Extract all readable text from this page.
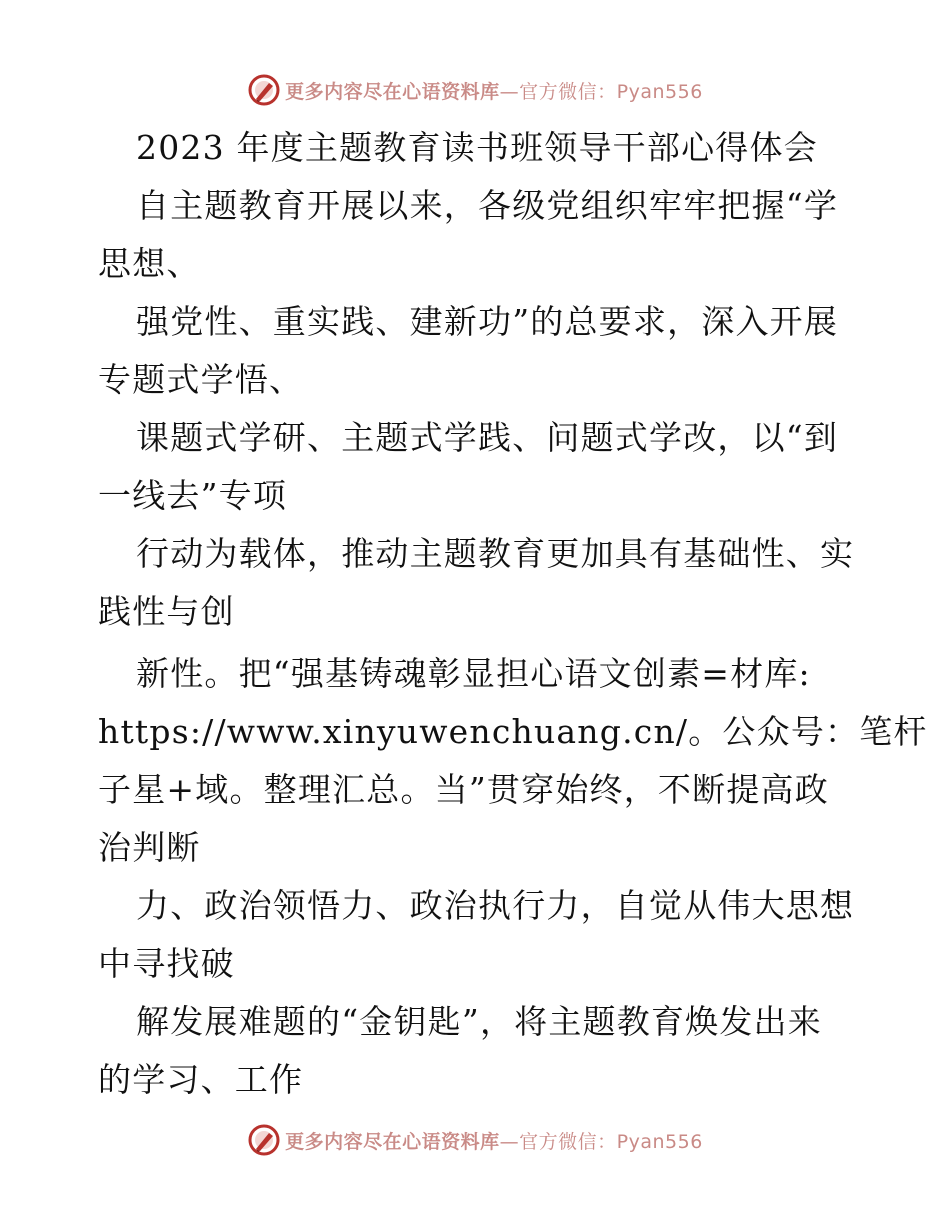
更多内容尽在心语资料库—官方微信：Pyan556
2023 年度主题教育读书班领导干部心得体会
自主题教育开展以来，各级党组织牢牢把握“学
思想、
强党性、重实践、建新功”的总要求，深入开展
专题式学悟、
课题式学研、主题式学践、问题式学改，以“到
一线去”专项
行动为载体，推动主题教育更加具有基础性、实
践性与创
新性。把“强基铸魂彰显担心语文创素=材库:
https://www.xinyuwenchuang.cn/。公众号：笔杆
子星+域。整理汇总。当”贯穿始终，不断提高政
治判断
力、政治领悟力、政治执行力，自觉从伟大思想
中寻找破
解发展难题的“金钥匙”，将主题教育焕发出来
的学习、工作
更多内容尽在心语资料库—官方微信：Pyan556
